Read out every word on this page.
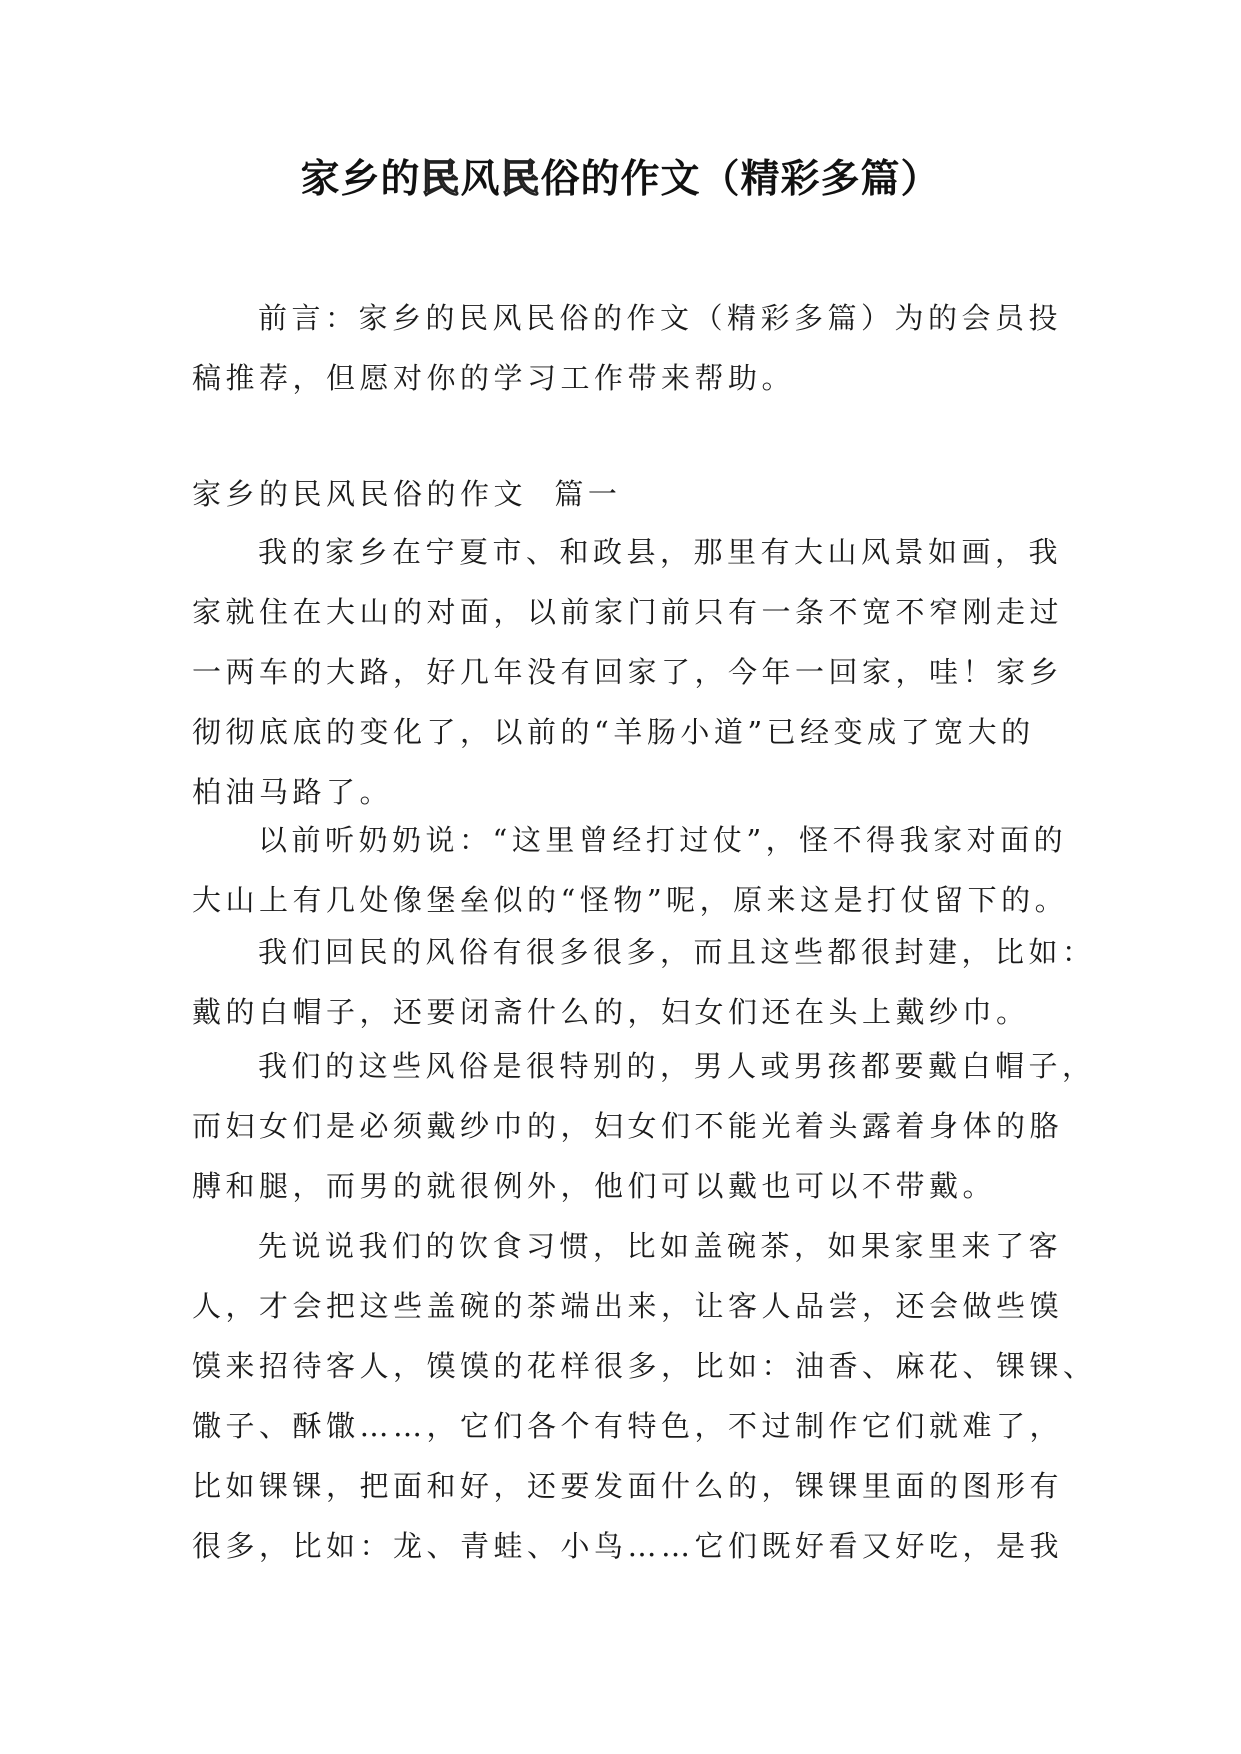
家乡的民风民俗的作文（精彩多篇）

前言：家乡的民风民俗的作文（精彩多篇）为的会员投
稿推荐，但愿对你的学习工作带来帮助。

家乡的民风民俗的作文  篇一

我的家乡在宁夏市、和政县，那里有大山风景如画，我
家就住在大山的对面，以前家门前只有一条不宽不窄刚走过
一两车的大路，好几年没有回家了，今年一回家，哇！家乡
彻彻底底的变化了，以前的“羊肠小道”已经变成了宽大的
柏油马路了。

以前听奶奶说：“这里曾经打过仗”，怪不得我家对面的
大山上有几处像堡垒似的“怪物”呢，原来这是打仗留下的。

我们回民的风俗有很多很多，而且这些都很封建，比如：
戴的白帽子，还要闭斋什么的，妇女们还在头上戴纱巾。

我们的这些风俗是很特别的，男人或男孩都要戴白帽子，
而妇女们是必须戴纱巾的，妇女们不能光着头露着身体的胳
膊和腿，而男的就很例外，他们可以戴也可以不带戴。

先说说我们的饮食习惯，比如盖碗茶，如果家里来了客
人，才会把这些盖碗的茶端出来，让客人品尝，还会做些馍
馍来招待客人，馍馍的花样很多，比如：油香、麻花、锞锞、
馓子、酥馓……，它们各个有特色，不过制作它们就难了，
比如锞锞，把面和好，还要发面什么的，锞锞里面的图形有
很多，比如：龙、青蛙、小鸟……它们既好看又好吃，是我
